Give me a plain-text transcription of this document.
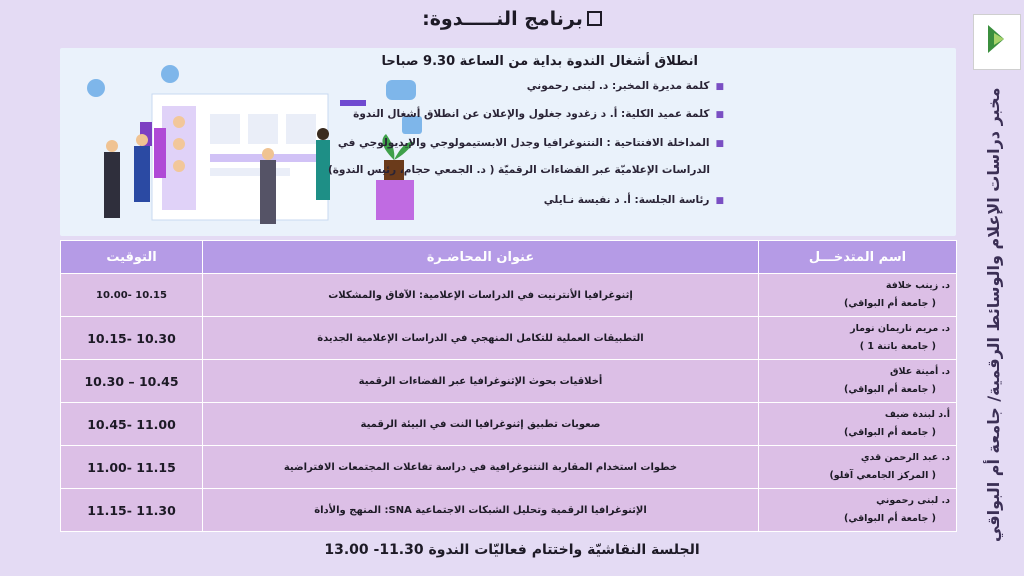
برنامج النـــــدوة:
مخبر دراسات الإعلام والوسائط الرقمية/ جامعة أم البواقي
انطلاق أشغال الندوة بداية من الساعة 9.30 صباحا
■كلمة مديرة المخبر: د. لبنى رحموني
■كلمة عميد الكلية: أ. د زغدود جغلول والإعلان عن انطلاق أشغال الندوة
■المداخلة الافتتاحية : النتنوغرافيا وجدل الابستيمولوجي والإيديولوجي في
الدراسات الإعلاميّة عبر الفضاءات الرقميّة ( د. الجمعي حجام، رئيس الندوة)
■رئاسة الجلسة: أ. د نفيسة نـايلي
اسم المتدخـــل	عنوان المحاضـرة	التوقيت

د. زينب خلافة
( جامعة أم البواقي)	إثنوغرافيا الأنترنيت في الدراسات الإعلامية: الآفاق والمشكلات	10.00- 10.15

د. مريم ناريمان نومار
( جامعة باتنة 1 )	التطبيقات العملية للتكامل المنهجي في الدراسات الإعلامية الجديدة	10.15- 10.30

د. أمينة علاق
( جامعة أم البواقي)	أخلاقيات بحوث الإثنوغرافيا عبر الفضاءات الرقمية	10.30 – 10.45

أ.د لبندة ضيف
( جامعة أم البواقي)	صعوبات تطبيق إثنوغرافيا النت في البيئة الرقمية	10.45- 11.00

د. عبد الرحمن قدي
( المركز الجامعي آفلو)	خطوات استخدام المقاربة النتنوغرافية في دراسة تفاعلات المجتمعات الافتراضية	11.00- 11.15

د. لبنى رحموني
( جامعة أم البواقي)	الإثنوغرافيا الرقمية وتحليل الشبكات الاجتماعية SNA: المنهج والأداة	11.15- 11.30
الجلسة النقاشيّة واختتام فعاليّات الندوة 11.30- 13.00
